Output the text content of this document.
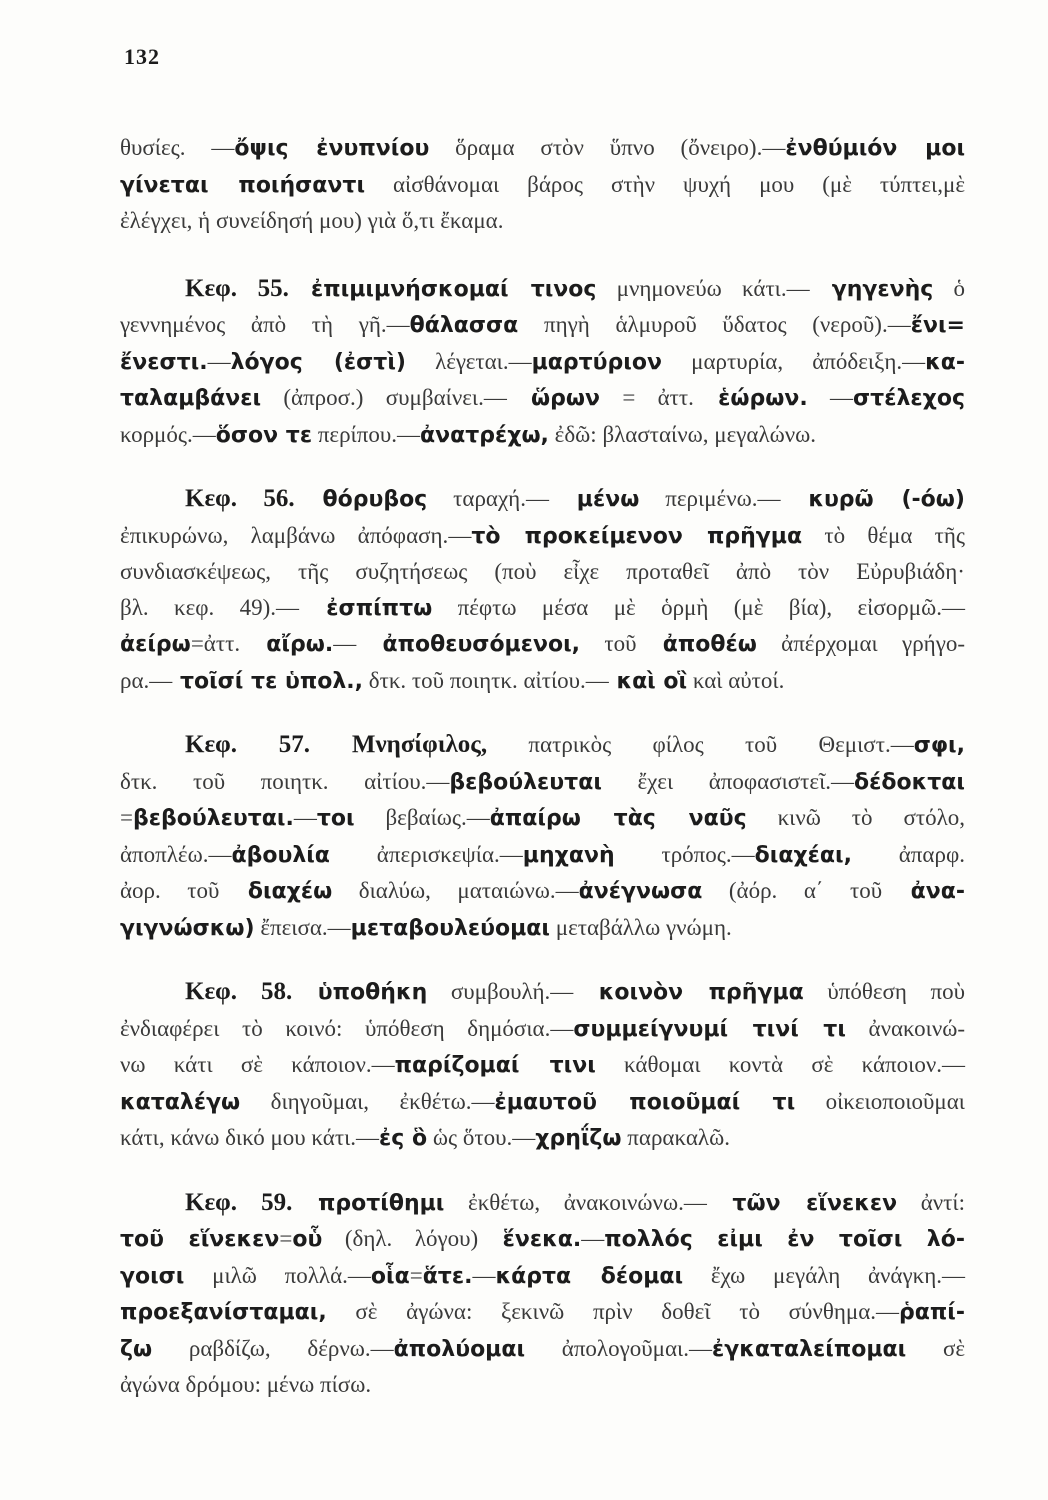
132
θυσίες. —ὄψις ἐνυπνίου ὅραμα στὸν ὕπνο (ὄνειρο).—ἐνθύμιόν μοι
γίνεται ποιήσαντι αἰσθάνομαι βάρος στὴν ψυχή μου (μὲ τύπτει,μὲ
ἐλέγχει, ἡ συνείδησή μου) γιὰ ὅ,τι ἔκαμα.
Κεφ. 55. ἐπιμιμνήσκομαί τινος μνημονεύω κάτι.— γηγενὴς ὁ
γεννημένος ἀπὸ τὴ γῆ.—θάλασσα πηγὴ ἁλμυροῦ ὕδατος (νεροῦ).—ἔνι=
ἔνεστι.—λόγος (ἐστὶ) λέγεται.—μαρτύριον μαρτυρία, ἀπόδειξη.—κα-
ταλαμβάνει (ἀπροσ.) συμβαίνει.— ὥρων = ἀττ. ἑώρων. —στέλεχος
κορμός.—ὅσον τε περίπου.—ἀνατρέχω, ἐδῶ: βλασταίνω, μεγαλώνω.
Κεφ. 56. θόρυβος ταραχή.— μένω περιμένω.— κυρῶ (-όω)
ἐπικυρώνω, λαμβάνω ἀπόφαση.—τὸ προκείμενον πρῆγμα τὸ θέμα τῆς
συνδιασκέψεως, τῆς συζητήσεως (ποὺ εἶχε προταθεῖ ἀπὸ τὸν Εὐρυβιάδη·
βλ. κεφ. 49).— ἐσπίπτω πέφτω μέσα μὲ ὁρμὴ (μὲ βία), εἰσορμῶ.—
ἀείρω=ἀττ. αἴρω.— ἀποθευσόμενοι, τοῦ ἀποθέω ἀπέρχομαι γρήγο-
ρα.— τοῖσί τε ὑπολ., δτκ. τοῦ ποιητκ. αἰτίου.— καὶ οἳ καὶ αὐτοί.
Κεφ. 57. Μνησίφιλος, πατρικὸς φίλος τοῦ Θεμιστ.—σφι,
δτκ. τοῦ ποιητκ. αἰτίου.—βεβούλευται ἔχει ἀποφασιστεῖ.—δέδοκται
=βεβούλευται.—τοι βεβαίως.—ἀπαίρω τὰς ναῦς κινῶ τὸ στόλο,
ἀποπλέω.—ἀβουλία ἀπερισκεψία.—μηχανὴ τρόπος.—διαχέαι, ἀπαρφ.
ἀορ. τοῦ διαχέω διαλύω, ματαιώνω.—ἀνέγνωσα (ἀόρ. α΄ τοῦ ἀνα-
γιγνώσκω) ἔπεισα.—μεταβουλεύομαι μεταβάλλω γνώμη.
Κεφ. 58. ὑποθήκη συμβουλή.— κοινὸν πρῆγμα ὑπόθεση ποὺ
ἐνδιαφέρει τὸ κοινό: ὑπόθεση δημόσια.—συμμείγνυμί τινί τι ἀνακοινώ-
νω κάτι σὲ κάποιον.—παρίζομαί τινι κάθομαι κοντὰ σὲ κάποιον.—
καταλέγω διηγοῦμαι, ἐκθέτω.—ἐμαυτοῦ ποιοῦμαί τι οἰκειοποιοῦμαι
κάτι, κάνω δικό μου κάτι.—ἐς ὃ ὡς ὅτου.—χρηΐζω παρακαλῶ.
Κεφ. 59. προτίθημι ἐκθέτω, ἀνακοινώνω.— τῶν εἵνεκεν ἀντί:
τοῦ εἵνεκεν=οὗ (δηλ. λόγου) ἕνεκα.—πολλός εἰμι ἐν τοῖσι λό-
γοισι μιλῶ πολλά.—οἷα=ἅτε.—κάρτα δέομαι ἔχω μεγάλη ἀνάγκη.—
προεξανίσταμαι, σὲ ἀγώνα: ξεκινῶ πρὶν δοθεῖ τὸ σύνθημα.—ῥαπί-
ζω ραβδίζω, δέρνω.—ἀπολύομαι ἀπολογοῦμαι.—ἐγκαταλείπομαι σὲ
ἀγώνα δρόμου: μένω πίσω.
